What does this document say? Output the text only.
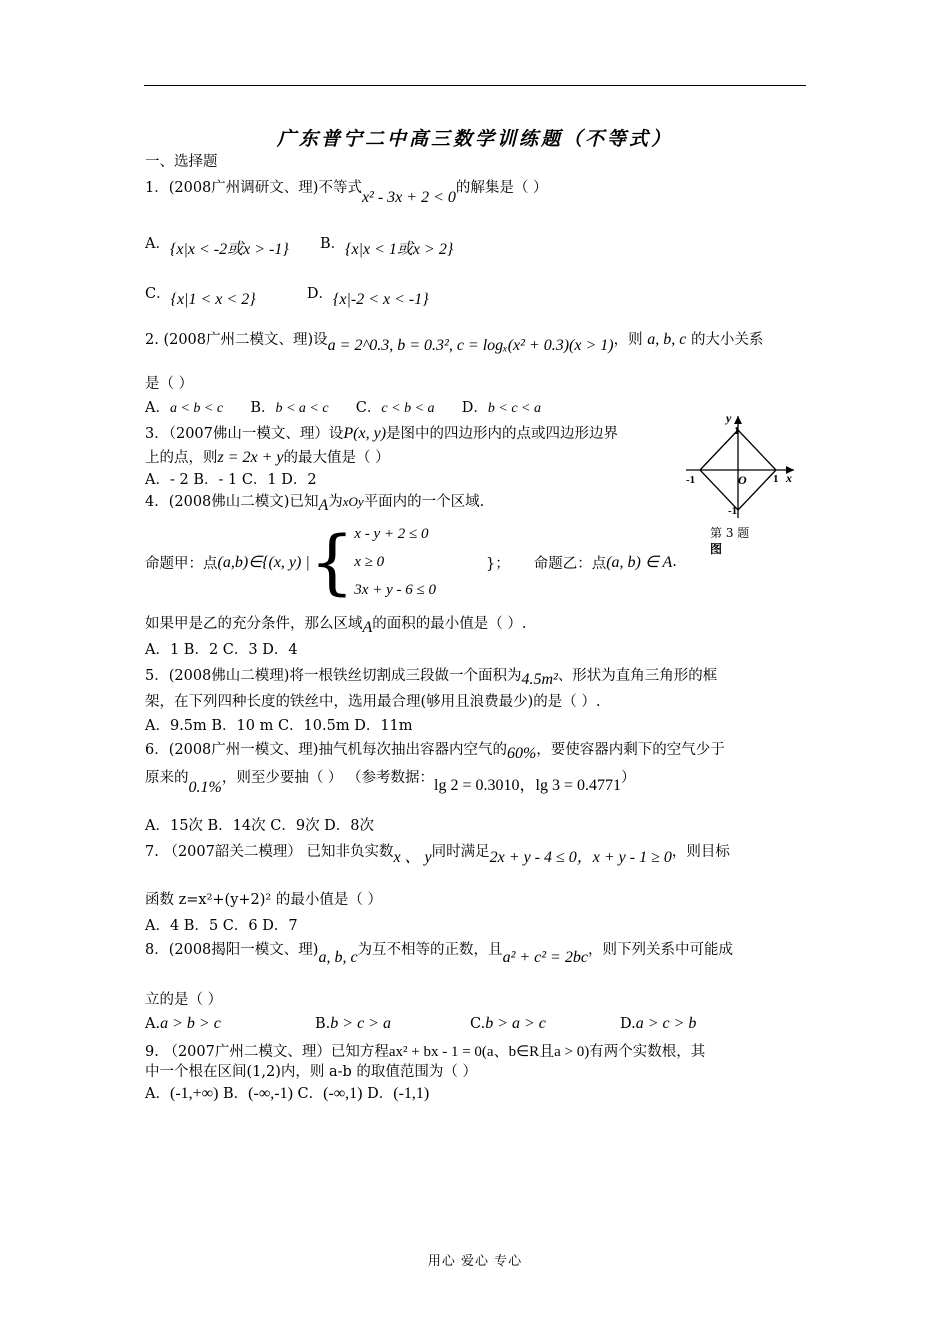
广东普宁二中高三数学训练题（不等式）
一、选择题
1．(2008广州调研文、理)不等式x² - 3x + 2 < 0的解集是（ ）
A．{x|x < -2或x > -1} B．{x|x < 1或x > 2}
C．{x|1 < x < 2}	D．{x|-2 < x < -1}
2. (2008广州二模文、理)设a = 2^0.3, b = 0.3², c = logₓ(x² + 0.3)(x > 1)，则 a, b, c 的大小关系
是（ ）
A．a < b < c B．b < a < c C．c < b < a D．b < c < a
3．（2007佛山一模文、理）设P(x, y)是图中的四边形内的点或四边形边界
上的点，则z = 2x + y的最大值是（ ）
A．- 2 B．- 1 C．1 D．2
y
1
x
1
-1	O
-1
第 3 题
图
4．(2008佛山二模文)已知A为xOy平面内的一个区域.
命题甲：点(a,b)∈{(x, y) |{ x - y + 2 ≤ 0
x ≥ 0
3x + y - 6 ≤ 0
}； 命题乙：点(a, b) ∈ A.
如果甲是乙的充分条件，那么区域A的面积的最小值是（ ）.
A．1 B．2 C．3 D．4
5．(2008佛山二模理)将一根铁丝切割成三段做一个面积为4.5m²、形状为直角三角形的框
架，在下列四种长度的铁丝中，选用最合理(够用且浪费最少)的是（ ）.
A．9.5m B．10 m C．10.5m D．11m
6．(2008广州一模文、理)抽气机每次抽出容器内空气的60%，要使容器内剩下的空气少于
原来的0.1%，则至少要抽（ ） （参考数据：lg 2 = 0.3010，lg 3 = 0.4771）
A．15次 B．14次 C．9次 D．8次
7. （2007韶关二模理） 已知非负实数x 、 y同时满足2x + y - 4 ≤ 0，x + y - 1 ≥ 0，则目标
函数 z=x²+(y+2)² 的最小值是（ ）
A．4 B．5 C．6 D．7
8．(2008揭阳一模文、理)a, b, c为互不相等的正数，且a² + c² = 2bc，则下列关系中可能成
立的是（ ）
A.a > b > c	B.b > c > a	C.b > a > c	D.a > c > b
9. （2007广州二模文、理）已知方程ax² + bx - 1 = 0(a、b∈R且a > 0)有两个实数根，其
中一个根在区间(1,2)内，则 a-b 的取值范围为（ ）
A．(-1,+∞) B．(-∞,-1) C．(-∞,1) D．(-1,1)
用心 爱心 专心
